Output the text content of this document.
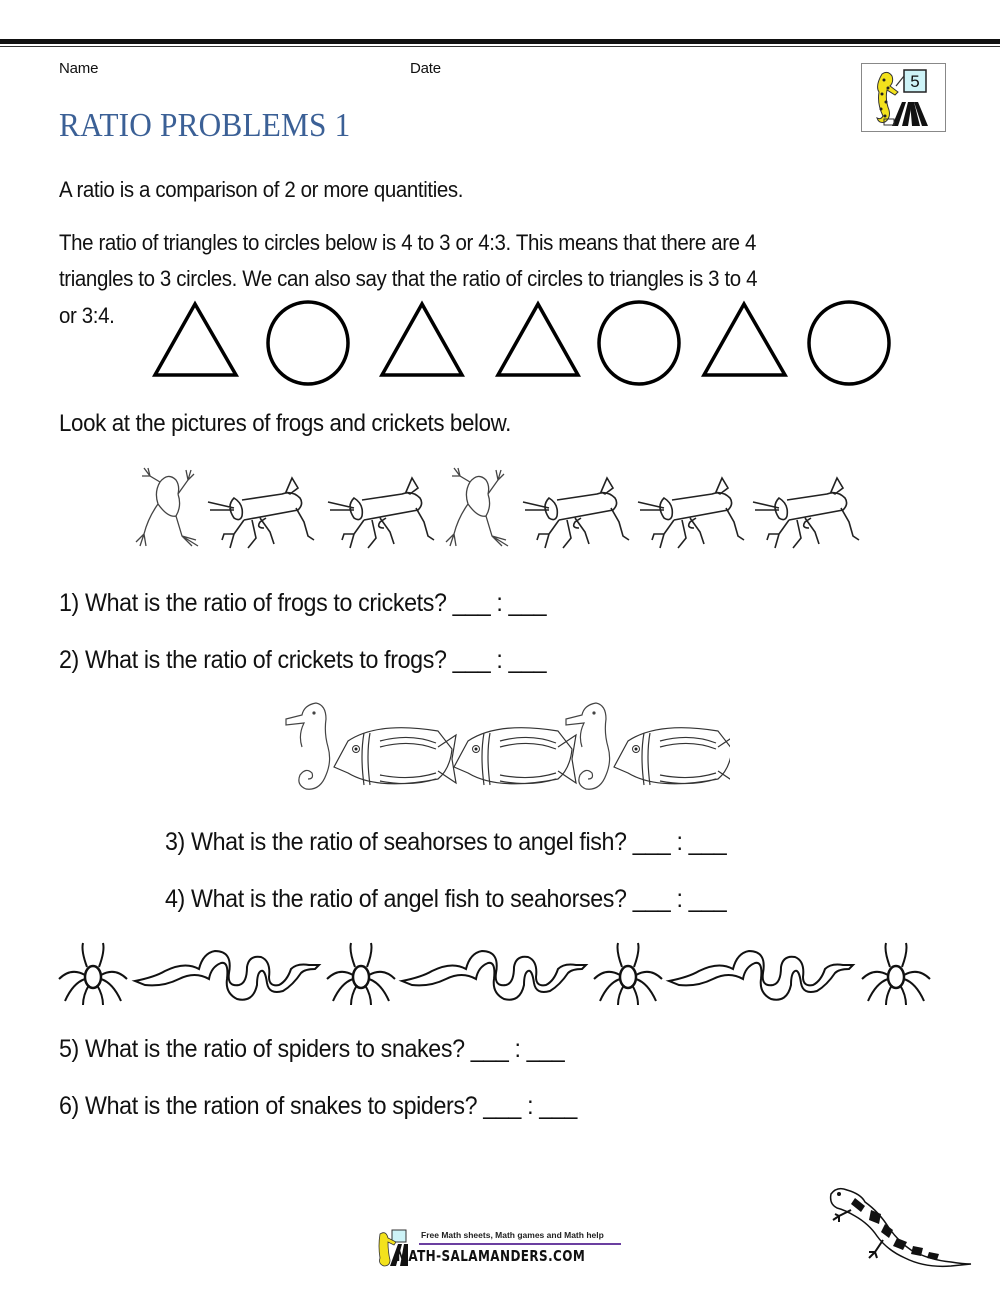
Name	Date
RATIO PROBLEMS 1
5
A ratio is a comparison of 2 or more quantities.
The ratio of triangles to circles below is 4 to 3 or 4:3. This means that there are 4
triangles to 3 circles. We can also say that the ratio of circles to triangles is 3 to 4
or 3:4.
Look at the pictures of frogs and crickets below.
1) What is the ratio of frogs to crickets? ___ : ___
2) What is the ratio of crickets to frogs? ___ : ___
3) What is the ratio of seahorses to angel fish? ___ : ___
4) What is the ratio of angel fish to seahorses? ___ : ___
5) What is the ratio of spiders to snakes? ___ : ___
6) What is the ration of snakes to spiders? ___ : ___
Free Math sheets, Math games and Math help
MATH-SALAMANDERS.COM
